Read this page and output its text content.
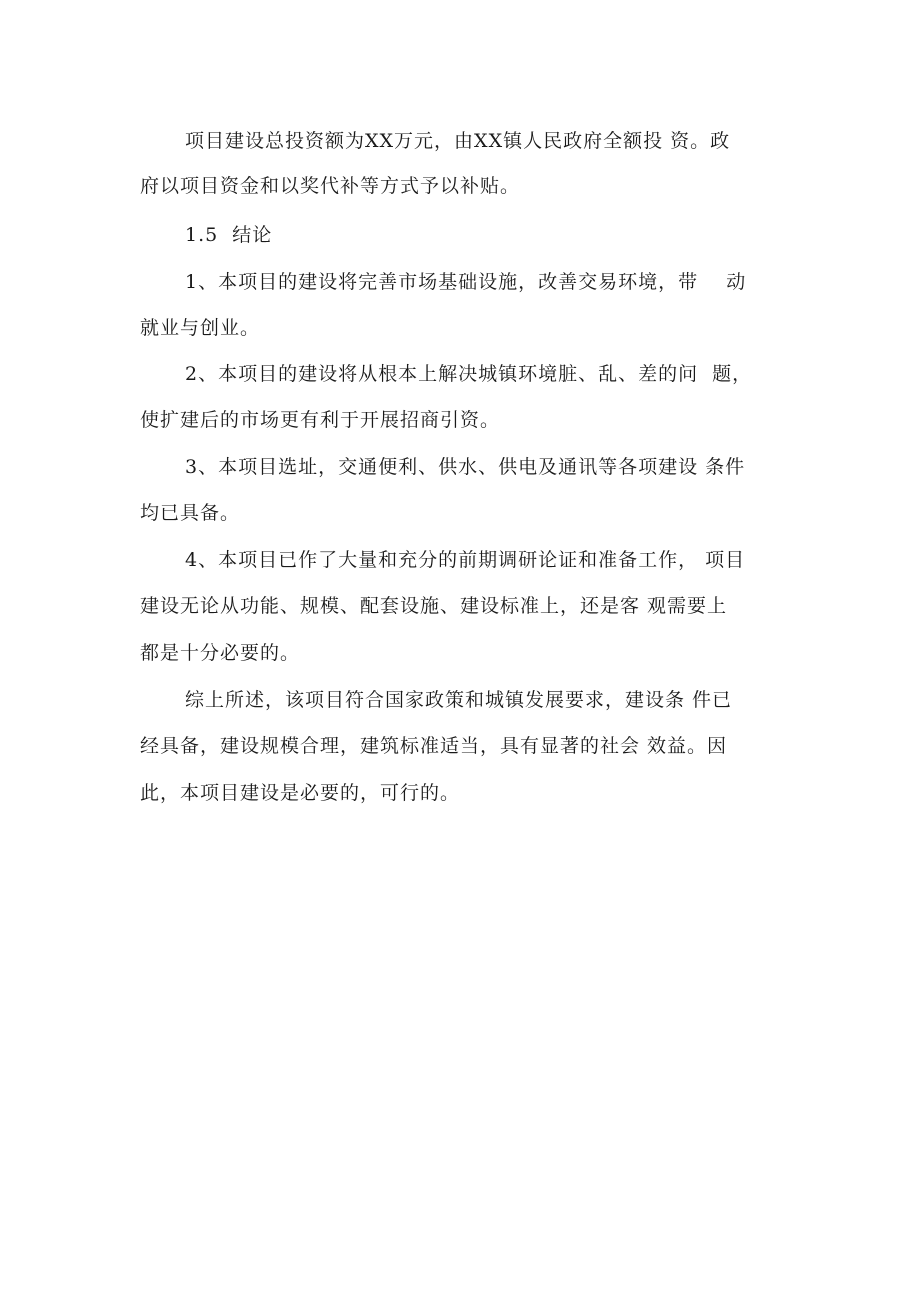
项目建设总投资额为XX万元，由XX镇人民政府全额投 资。政

府以项目资金和以奖代补等方式予以补贴。

1.5  结论

1、本项目的建设将完善市场基础设施，改善交易环境，带    动

就业与创业。

2、本项目的建设将从根本上解决城镇环境脏、乱、差的问  题，

使扩建后的市场更有利于开展招商引资。

3、本项目选址，交通便利、供水、供电及通讯等各项建设 条件

均已具备。

4、本项目已作了大量和充分的前期调研论证和准备工作， 项目

建设无论从功能、规模、配套设施、建设标准上，还是客 观需要上

都是十分必要的。

综上所述，该项目符合国家政策和城镇发展要求，建设条 件已

经具备，建设规模合理，建筑标准适当，具有显著的社会 效益。因

此，本项目建设是必要的，可行的。
